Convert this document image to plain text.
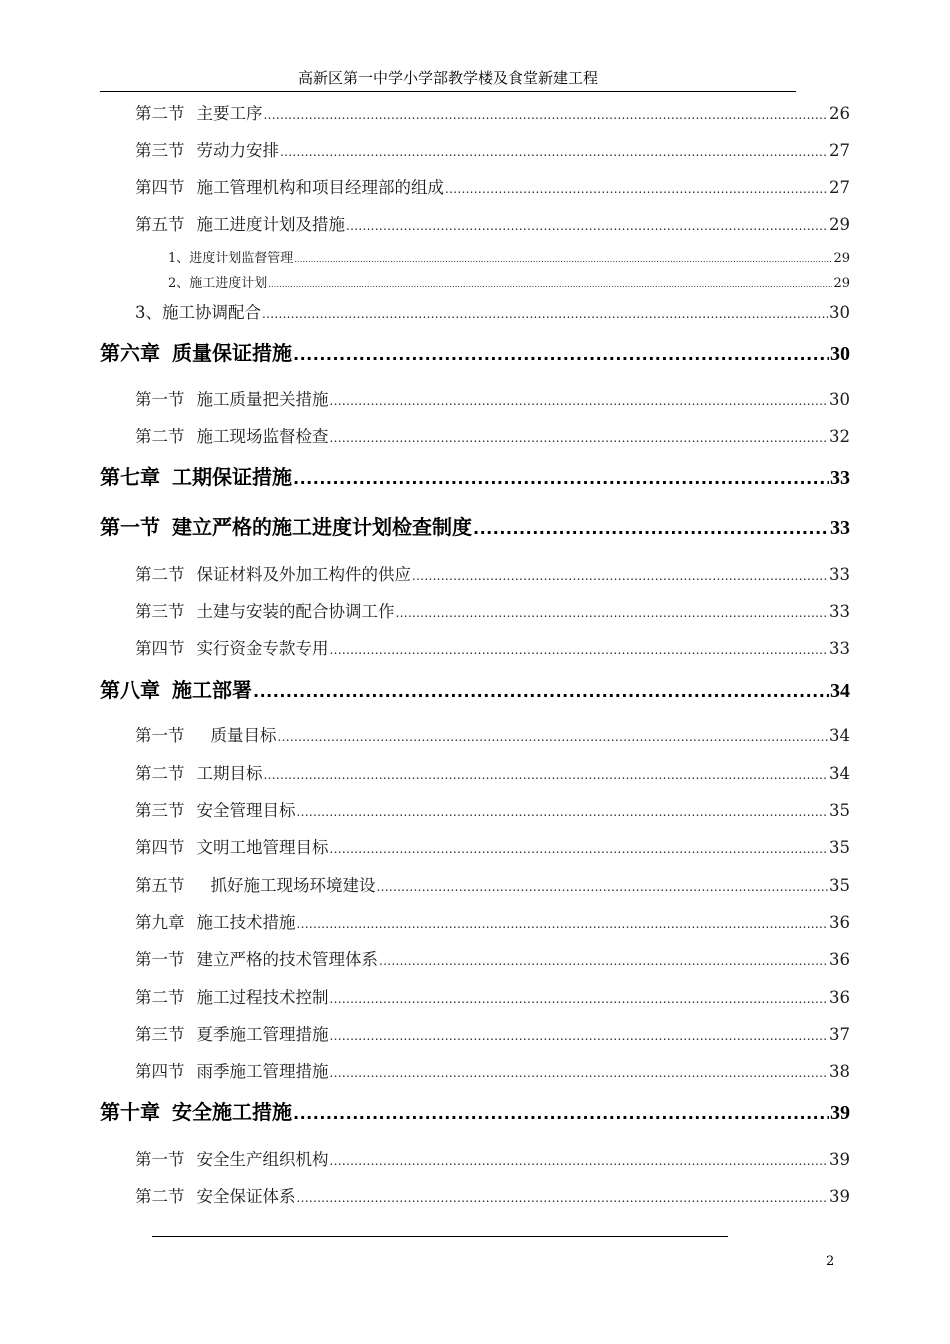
高新区第一中学小学部教学楼及食堂新建工程
第二节 主要工序 .....	26
第三节 劳动力安排 .....	27
第四节 施工管理机构和项目经理部的组成 .....	27
第五节 施工进度计划及措施 .....	29
1、进度计划监督管理 .....	29
2、施工进度计划 .....	29
3、施工协调配合 .....	30
第六章 质量保证措施 .....	30
第一节 施工质量把关措施 .....	30
第二节 施工现场监督检查 .....	32
第七章 工期保证措施 .....	33
第一节 建立严格的施工进度计划检查制度 .....	33
第二节 保证材料及外加工构件的供应 .....	33
第三节 土建与安装的配合协调工作 .....	33
第四节 实行资金专款专用 .....	33
第八章 施工部署 .....	34
第一节 质量目标 .....	34
第二节 工期目标 .....	34
第三节 安全管理目标 .....	35
第四节 文明工地管理目标 .....	35
第五节 抓好施工现场环境建设 .....	35
第九章 施工技术措施 .....	36
第一节 建立严格的技术管理体系 .....	36
第二节 施工过程技术控制 .....	36
第三节 夏季施工管理措施 .....	37
第四节 雨季施工管理措施 .....	38
第十章 安全施工措施 .....	39
第一节 安全生产组织机构 .....	39
第二节 安全保证体系 .....	39
2
